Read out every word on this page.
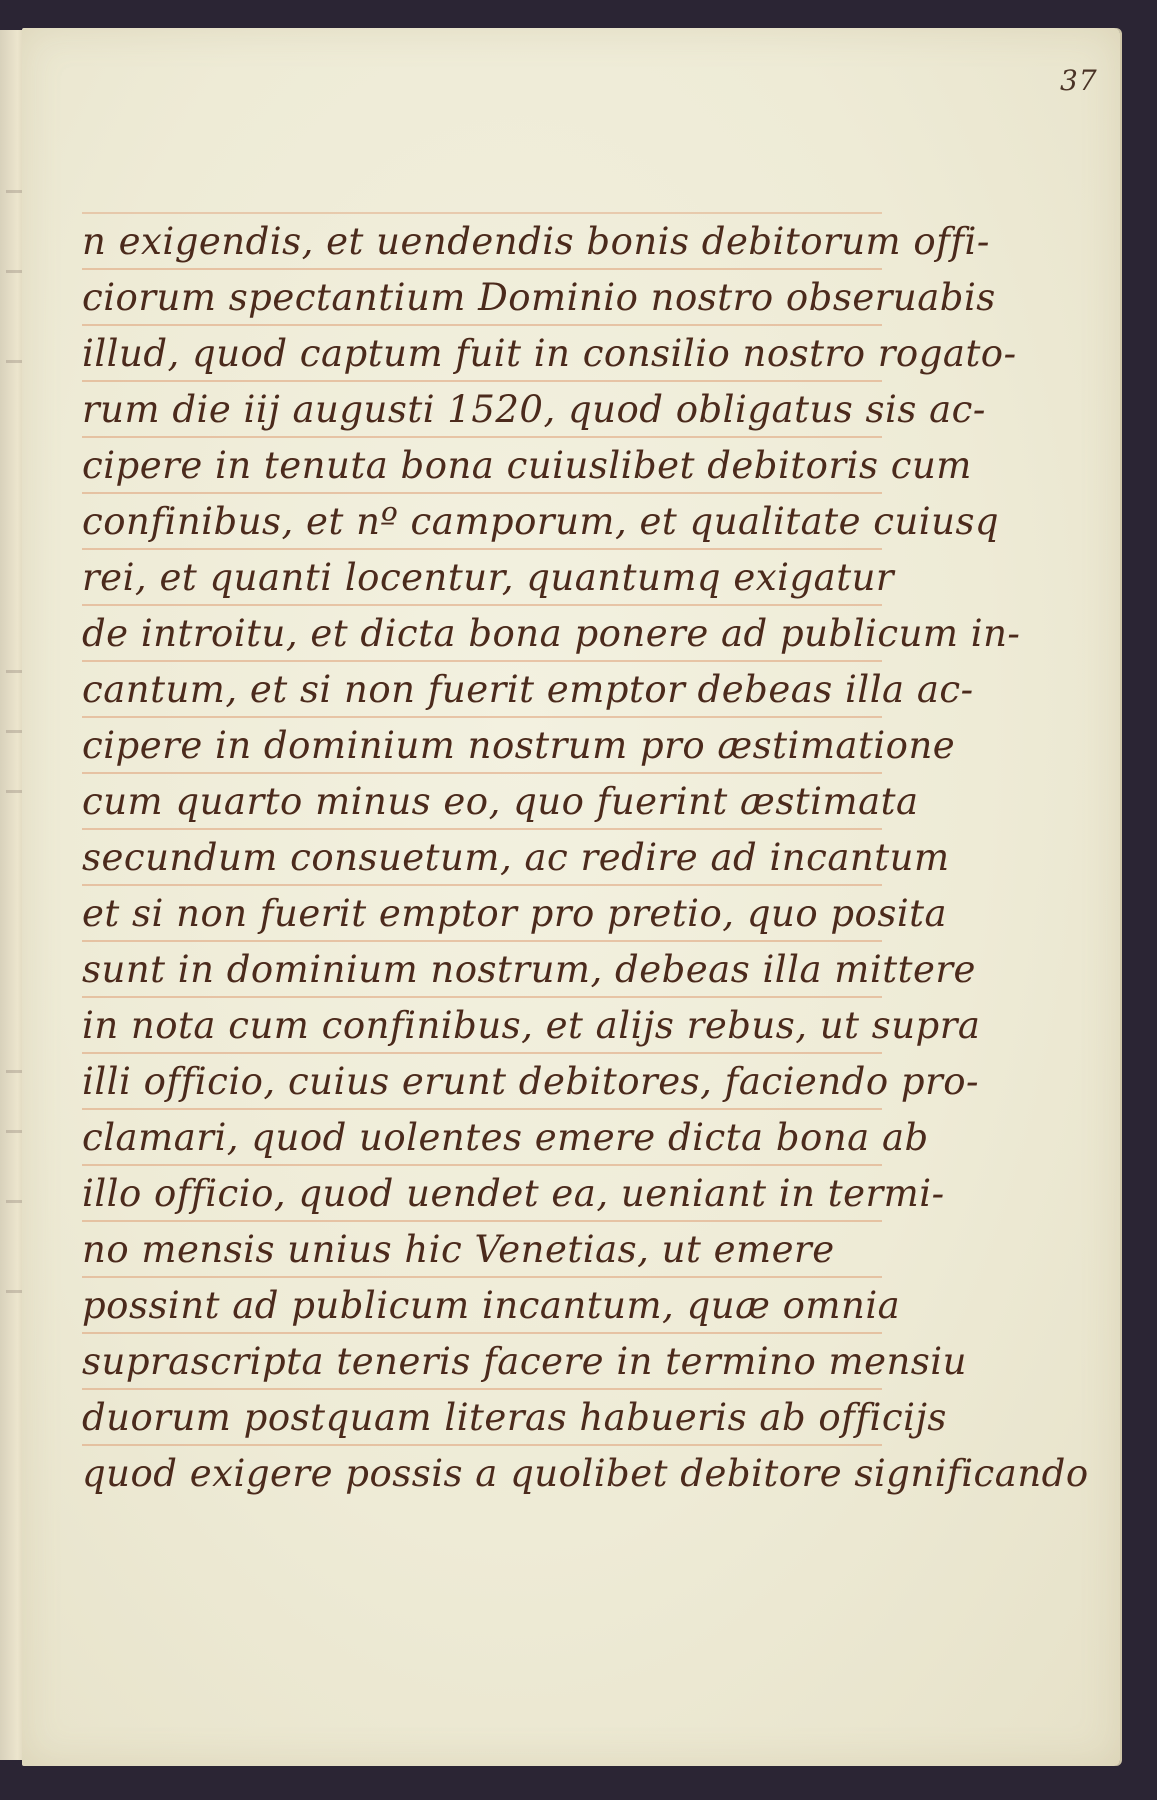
37
n exigendis, et uendendis bonis debitorum offi-
ciorum spectantium Dominio nostro obseruabis
illud, quod captum fuit in consilio nostro rogato-
rum die iij augusti 1520, quod obligatus sis ac-
cipere in tenuta bona cuiuslibet debitoris cum
confinibus, et nº camporum, et qualitate cuiusq
rei, et quanti locentur, quantumq exigatur
de introitu, et dicta bona ponere ad publicum in-
cantum, et si non fuerit emptor debeas illa ac-
cipere in dominium nostrum pro æstimatione
cum quarto minus eo, quo fuerint æstimata
secundum consuetum, ac redire ad incantum
et si non fuerit emptor pro pretio, quo posita
sunt in dominium nostrum, debeas illa mittere
in nota cum confinibus, et alijs rebus, ut supra
illi officio, cuius erunt debitores, faciendo pro-
clamari, quod uolentes emere dicta bona ab
illo officio, quod uendet ea, ueniant in termi-
no mensis unius hic Venetias, ut emere
possint ad publicum incantum, quæ omnia
suprascripta teneris facere in termino mensiu
duorum postquam literas habueris ab officijs
quod exigere possis a quolibet debitore significando
